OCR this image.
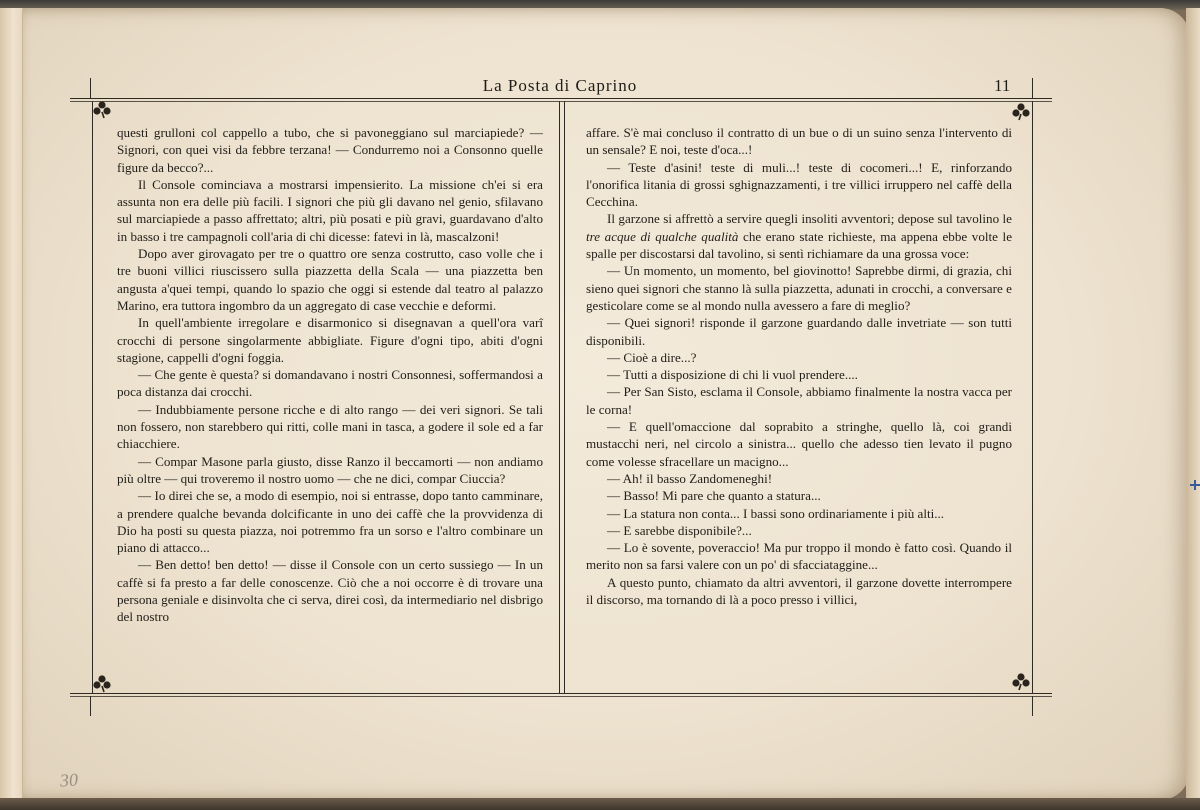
La Posta di Caprino	11

questi grulloni col cappello a tubo, che si pavoneggiano sul marciapiede? — Signori, con quei visi da febbre terzana! — Condurremo noi a Consonno quelle figure da becco?...

Il Console cominciava a mostrarsi impensierito. La missione ch'ei si era assunta non era delle più facili. I signori che più gli davano nel genio, sfilavano sul marciapiede a passo affrettato; altri, più posati e più gravi, guardavano d'alto in basso i tre campagnoli coll'aria di chi dicesse: fatevi in là, mascalzoni!

Dopo aver girovagato per tre o quattro ore senza costrutto, caso volle che i tre buoni villici riuscissero sulla piazzetta della Scala — una piazzetta ben angusta a'quei tempi, quando lo spazio che oggi si estende dal teatro al palazzo Marino, era tuttora ingombro da un aggregato di case vecchie e deformi.

In quell'ambiente irregolare e disarmonico si disegnavan a quell'ora varî crocchi di persone singolarmente abbigliate. Figure d'ogni tipo, abiti d'ogni stagione, cappelli d'ogni foggia.

— Che gente è questa? si domandavano i nostri Consonnesi, soffermandosi a poca distanza dai crocchi.

— Indubbiamente persone ricche e di alto rango — dei veri signori. Se tali non fossero, non starebbero qui ritti, colle mani in tasca, a godere il sole ed a far chiacchiere.

— Compar Masone parla giusto, disse Ranzo il beccamorti — non andiamo più oltre — qui troveremo il nostro uomo — che ne dici, compar Ciuccia?

— Io direi che se, a modo di esempio, noi si entrasse, dopo tanto camminare, a prendere qualche bevanda dolcificante in uno dei caffè che la provvidenza di Dio ha posti su questa piazza, noi potremmo fra un sorso e l'altro combinare un piano di attacco...

— Ben detto! ben detto! — disse il Console con un certo sussiego — In un caffè si fa presto a far delle conoscenze. Ciò che a noi occorre è di trovare una persona geniale e disinvolta che ci serva, direi così, da intermediario nel disbrigo del nostro

affare. S'è mai concluso il contratto di un bue o di un suino senza l'intervento di un sensale? E noi, teste d'oca...!

— Teste d'asini! teste di muli...! teste di cocomeri...! E, rinforzando l'onorifica litania di grossi sghignazzamenti, i tre villici irruppero nel caffè della Cecchina.

Il garzone si affrettò a servire quegli insoliti avventori; depose sul tavolino le tre acque di qualche qualità che erano state richieste, ma appena ebbe volte le spalle per discostarsi dal tavolino, si sentì richiamare da una grossa voce:

— Un momento, un momento, bel giovinotto! Saprebbe dirmi, di grazia, chi sieno quei signori che stanno là sulla piazzetta, adunati in crocchi, a conversare e gesticolare come se al mondo nulla avessero a fare di meglio?

— Quei signori! risponde il garzone guardando dalle invetriate — son tutti disponibili.

— Cioè a dire...?

— Tutti a disposizione di chi li vuol prendere....

— Per San Sisto, esclama il Console, abbiamo finalmente la nostra vacca per le corna!

— E quell'omaccione dal soprabito a stringhe, quello là, coi grandi mustacchi neri, nel circolo a sinistra... quello che adesso tien levato il pugno come volesse sfracellare un macigno...

— Ah! il basso Zandomeneghi!

— Basso! Mi pare che quanto a statura...

— La statura non conta... I bassi sono ordinariamente i più alti...

— E sarebbe disponibile?...

— Lo è sovente, poveraccio! Ma pur troppo il mondo è fatto così. Quando il merito non sa farsi valere con un po' di sfacciataggine...

A questo punto, chiamato da altri avventori, il garzone dovette interrompere il discorso, ma tornando di là a poco presso i villici,

30
